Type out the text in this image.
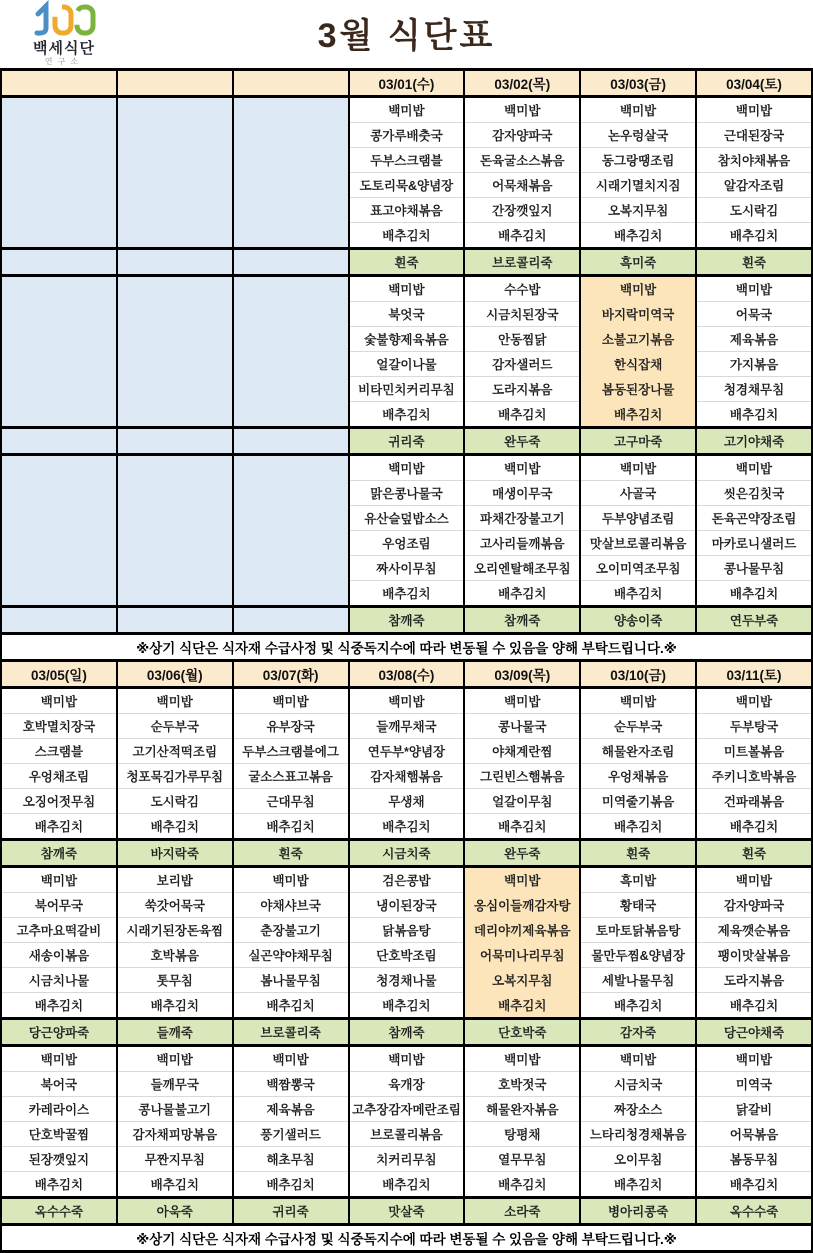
백세식단
연구소
3월 식단표
			03/01(수)	03/02(목)	03/03(금)	03/04(토)
			백미밥	백미밥	백미밥	백미밥
			콩가루배춧국	감자양파국	논우렁살국	근대된장국
			두부스크램블	돈육굴소스볶음	동그랑땡조림	참치야채볶음
			도토리묵&양념장	어묵채볶음	시래기멸치지짐	알감자조림
			표고야채볶음	간장깻잎지	오복지무침	도시락김
			배추김치	배추김치	배추김치	배추김치
			흰죽	브로콜리죽	흑미죽	흰죽
			백미밥	수수밥	백미밥	백미밥
			북엇국	시금치된장국	바지락미역국	어묵국
			숯불향제육볶음	안동찜닭	소불고기볶음	제육볶음
			얼갈이나물	감자샐러드	한식잡채	가지볶음
			비타민치커리무침	도라지볶음	봄동된장나물	청경채무침
			배추김치	배추김치	배추김치	배추김치
			귀리죽	완두죽	고구마죽	고기야채죽
			백미밥	백미밥	백미밥	백미밥
			맑은콩나물국	매생이무국	사골국	씻은김칫국
			유산슬덮밥소스	파채간장불고기	두부양념조림	돈육곤약장조림
			우엉조림	고사리들깨볶음	맛살브로콜리볶음	마카로니샐러드
			짜사이무침	오리엔탈해조무침	오이미역조무침	콩나물무침
			배추김치	배추김치	배추김치	배추김치
			참깨죽	참깨죽	양송이죽	연두부죽
※상기 식단은 식자재 수급사정 및 식중독지수에 따라 변동될 수 있음을 양해 부탁드립니다.※						
03/05(일)	03/06(월)	03/07(화)	03/08(수)	03/09(목)	03/10(금)	03/11(토)
백미밥	백미밥	백미밥	백미밥	백미밥	백미밥	백미밥
호박멸치장국	순두부국	유부장국	들깨무채국	콩나물국	순두부국	두부탕국
스크램블	고기산적떡조림	두부스크램블에그	연두부*양념장	야채계란찜	해물완자조림	미트볼볶음
우엉채조림	청포묵김가루무침	굴소스표고볶음	감자채햄볶음	그린빈스햄볶음	우엉채볶음	주키니호박볶음
오징어젓무침	도시락김	근대무침	무생채	얼갈이무침	미역줄기볶음	건파래볶음
배추김치	배추김치	배추김치	배추김치	배추김치	배추김치	배추김치
참깨죽	바지락죽	흰죽	시금치죽	완두죽	흰죽	흰죽
백미밥	보리밥	백미밥	검은콩밥	백미밥	흑미밥	백미밥
북어무국	쑥갓어묵국	야채샤브국	냉이된장국	옹심이들깨감자탕	황태국	감자양파국
고추마요떡갈비	시래기된장돈육찜	춘장불고기	닭볶음탕	데리야끼제육볶음	토마토닭볶음탕	제육깻순볶음
새송이볶음	호박볶음	실곤약야채무침	단호박조림	어묵미나리무침	물만두찜&양념장	팽이맛살볶음
시금치나물	톳무침	봄나물무침	청경채나물	오복지무침	세발나물무침	도라지볶음
배추김치	배추김치	배추김치	배추김치	배추김치	배추김치	배추김치
당근양파죽	들깨죽	브로콜리죽	참깨죽	단호박죽	감자죽	당근야채죽
백미밥	백미밥	백미밥	백미밥	백미밥	백미밥	백미밥
북어국	들깨무국	백짬뽕국	육개장	호박젓국	시금치국	미역국
카레라이스	콩나물불고기	제육볶음	고추장감자메란조림	해물완자볶음	짜장소스	닭갈비
단호박꿀찜	감자채피망볶음	풍기샐러드	브로콜리볶음	탕평채	느타리청경채볶음	어묵볶음
된장깻잎지	무짠지무침	해초무침	치커리무침	열무무침	오이무침	봄동무침
배추김치	배추김치	배추김치	배추김치	배추김치	배추김치	배추김치
옥수수죽	아욱죽	귀리죽	맛살죽	소라죽	병아리콩죽	옥수수죽
※상기 식단은 식자재 수급사정 및 식중독지수에 따라 변동될 수 있음을 양해 부탁드립니다.※						
